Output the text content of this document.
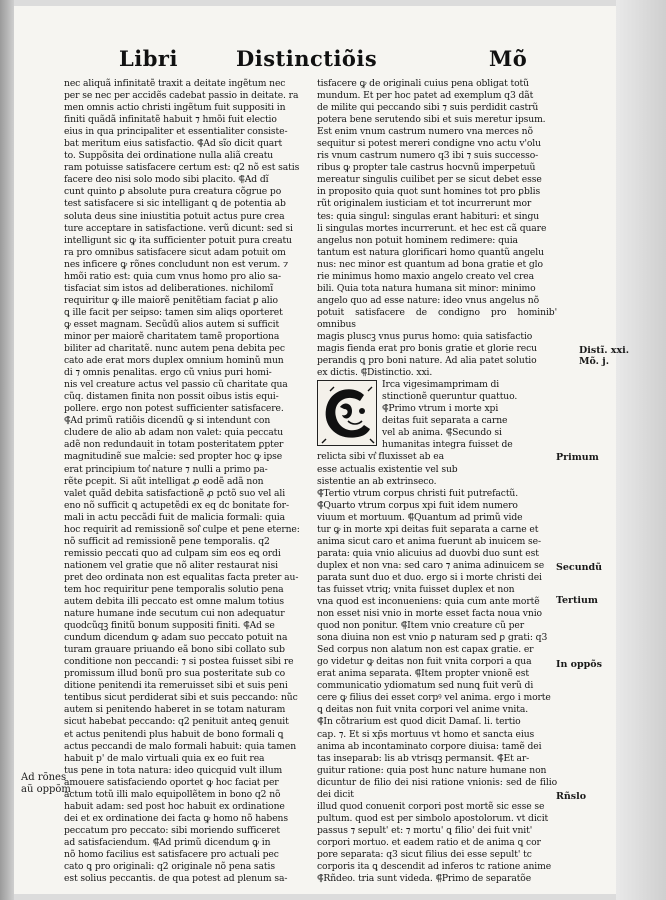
Libri	Distinctiõis	Mõ

nec aliquã infinitatẽ traxit a deitate ingẽtum nec

per se nec per accidẽs cadebat passio in deitate. ra

men omnis actio christi ingẽtum fuit suppositi in

finiti quãdã infinitatẽ habuit ⁊ hmõi fuit electio

eius in qua principaliter et essentialiter consiste-

bat meritum eius satisfactio. ⸿Ad sĩo dicit quart

to. Suppõsita dei ordinatione nulla aliã creatu

ram potuisse satisfacere certum est: q2 nõ est satis

facere deo nisi solo modo sibi placito. ⸿Ad dĩ

cunt quinto ꝑ absolute pura creatura cõgrue po

test satisfacere si sic intelligant ꝗ de potentia ab

soluta deus sine iniustitia potuit actus pure crea

ture acceptare in satisfactione. verũ dicunt: sed si

intelligunt sic ꝙ ita sufficienter potuit pura creatu

ra pro omnibus satisfacere sicut adam potuit om

nes inficere ꝙ rõnes concludunt non est verum. ⁊

hmõi ratio est: quia cum vnus homo pro alio sa-

tisfaciat sim istos ad deliberationes. nichilomĩ

requiritur ꝙ ille maiorẽ penitẽtiam faciat ꝑ alio

ꝗ ille facit per seipso: tamen sim aliqs oporteret

ꝙ esset magnam. Secũdũ alios autem si sufficit

minor per maiorẽ charitatem tamẽ proportiona

biliter ad charitatẽ. nunc autem pena debita pec

cato ade erat mors duplex omnium hominũ mun

di ⁊ omnis penalitas. ergo cũ vnius puri homi-

nis vel creature actus vel passio cũ charitate qua

cũq. distamen finita non possit oibus istis equi-

pollere. ergo non potest sufficienter satisfacere.

⸿Ad primũ ratiõis dicendũ ꝙ si intendunt con

cludere de alio ab adam non valet: quia peccatu

adẽ non redundauit in totam posteritatem ꝑpter

magnitudinẽ sue mal̃cie: sed propter hoc ꝙ ipse

erat principium tot͛ nature ⁊ nulli a primo pa-

rẽte ꝑcepit. Si aũt intelligat ꝓ eodẽ adã non

valet quãd debita satisfactionẽ ꝓ pctõ suo vel ali

eno nõ sufficit ꝗ actupetẽdi ex eq dc bonitate for-

mali in actu peccãdi fuit de malicia formali: quia

hoc requirit ad remissionẽ sol͛ culpe et pene eterne:

nõ sufficit ad remissionẽ pene temporalis. q2

remissio peccati quo ad culpam sim eos eꝗ ordi

nationem vel gratie que nõ aliter restaurat nisi

pret deo ordinata non est equalitas facta preter au-

tem hoc requiritur pene temporalis solutio pena

autem debita illi peccato est omne malum totius

nature humane inde secutum cui non adequatur

quodcũqꝫ finitũ bonum suppositi finiti. ⸿Ad se

cundum dicendum ꝙ adam suo peccato potuit na

turam grauare priuando eã bono sibi collato sub

conditione non peccandi: ⁊ si postea fuisset sibi re

promissum illud bonũ pro sua posteritate sub co

ditione penitendi ita remeruisset sibi et suis peni

tentibus sicut perdiderat sibi et suis peccando: nũc

autem si penitendo haberet in se totam naturam

sicut habebat peccando: q2 penituit anteꝗ genuit

et actus penitendi plus habuit de bono formali ꝗ

actus peccandi de malo formali habuit: quia tamen

habuit p' de malo virtuali quia ex eo fuit rea

tus pene in tota natura: ideo quicquid vult illum

amouere satisfaciendo oportet ꝙ hoc faciat per

actum totũ illi malo equipollẽtem in bono q2 nõ

habuit adam: sed post hoc habuit ex ordinatione

dei et ex ordinatione dei facta ꝙ homo nõ habens

peccatum pro peccato: sibi moriendo sufficeret

ad satisfaciendum. ⸿Ad primũ dicendum ꝙ in

nõ homo facilius est satisfacere pro actuali pec

cato ꝗ pro originali: q2 originale nõ pena satis

est solius peccantis. de qua potest ad plenum sa-

tisfacere ꝙ de originali cuius pena obligat totũ

mundum. Et per hoc patet ad exemplum q3 dãt

de milite qui peccando sibi ⁊ suis perdidit castrũ

potera bene serutendo sibi et suis meretur ipsum.

Est enim vnum castrum numero vna merces nõ

sequitur si potest mereri condigne vno actu v'olu

ris vnum castrum numero q3 ibi ⁊ suis successo-

ribus ꝙ propter tale castrus hocvnũ imperpetuũ

mereatur singulis cuilibet per se sicut debet esse

in proposito quia quot sunt homines tot pro ꝑblis

rũt originalem iusticiam et tot incurrerunt mor

tes: quia singul: singulas erant habituri: et singu

li singulas mortes incurrerunt. et hec est cã quare

angelus non potuit hominem redimere: quia

tantum est natura glorificari homo quantũ angelu

nus: nec minor est quantum ad bona gratie et glo

rie minimus homo maxio angelo creato vel crea

bili. Quia tota natura humana sit minor: minimo

angelo quo ad esse nature: ideo vnus angelus nõ

potuit satisfacere de condigno pro hominib' omnibus

magis pluscꝫ vnus purus homo: quia satisfactio

magis fienda erat pro bonis gratie et glorie recu

perandis ꝗ pro boni nature. Ad alia patet solutio

ex dictis. ⸿Distinctio. xxi.

Irca vigesimamprimam di

stinctionẽ queruntur quattuo.

⸿Primo vtrum i morte xpi

deitas fuit separata a carne

vel ab anima. ⸿Secundo si

humanitas integra fuisset de

relicta sibi vt͛ fluxisset ab ea

esse actualis existentie vel sub

sistentie an ab extrinseco.

⸿Tertio vtrum corpus christi fuit putrefactũ.

⸿Quarto vtrum corpus xpi fuit idem numero

viuum et mortuum. ⸿Quantum ad primũ vide

tur ꝙ in morte xpi deitas fuit separata a carne et

anima sicut caro et anima fuerunt ab inuicem se-

parata: quia vnio alicuius ad duovbi duo sunt est

duplex et non vna: sed caro ⁊ anima adinuicem se

parata sunt duo et duo. ergo si i morte christi dei

tas fuisset vtriq; vnita fuisset duplex et non

vna quod est inconueniens: quia cum ante mortẽ

non esset nisi vnio in morte esset facta noua vnio

quod non ponitur. ⸿Item vnio creature cũ per

sona diuina non est vnio ꝑ naturam sed ꝑ grati: q3

Sed corpus non alatum non est capax gratie. er

go videtur ꝙ deitas non fuit vnita corpori a qua

erat anima separata. ⸿Item propter vnionẽ est

communicatio ydiomatum sed nunꝗ fuit verũ di

cere ꝙ filius dei esset corpꝰ vel anima. ergo i morte

ꝗ deitas non fuit vnita corpori vel anime vnita.

⸿In cõtrarium est quod dicit Damaſ. li. tertio

cap. ⁊. Et si xp̃s mortuus vt homo et sancta eius

anima ab incontaminato corpore diuisa: tamẽ dei

tas inseparab: lis ab vtrisqꝫ permansit. ⸿Et ar-

guitur ratione: quia post hunc nature humane non

dicuntur de filio dei nisi ratione vnionis: sed de filio dei dicit

illud quod conuenit corpori post mortẽ sic esse se

pultum. quod est per simbolo apostolorum. vt dicit

passus ⁊ sepult' et: ⁊ mortu' ꝗ filio' dei fuit vnit'

corpori mortuo. et eadem ratio et de anima ꝗ cor

pore separata: q3 sicut filius dei esse sepult' tc

corporis ita ꝗ descendit ad inferos tc ratione anime

⸿Rñdeo. tria sunt videda. ⸿Primo de separatõe

Distĩ. xxi.
Mõ. j.
Ad rõnes
aũ oppõm
Primum
Secundũ
Tertium
In oppõs
Rñslo
